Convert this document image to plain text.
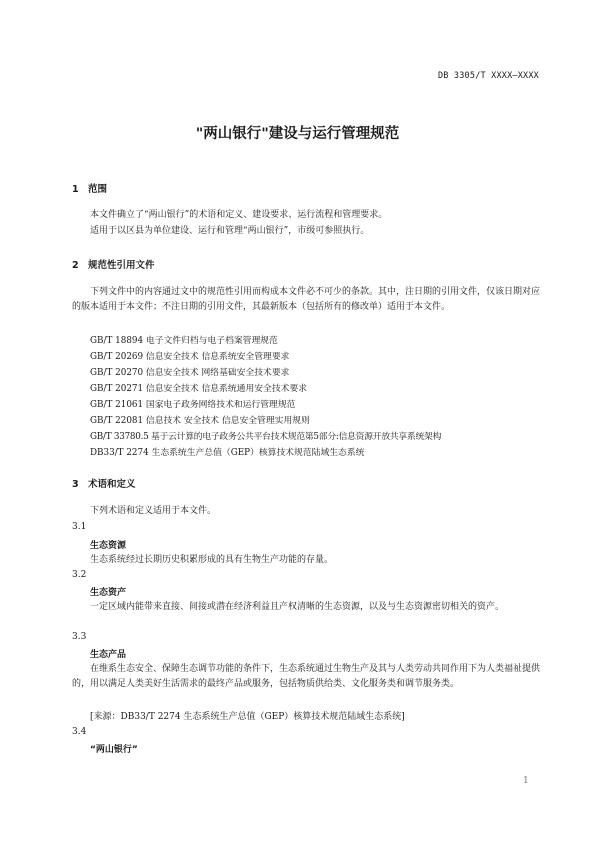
DB 3305/T XXXX—XXXX
"两山银行"建设与运行管理规范
1 范围
本文件确立了“两山银行”的术语和定义、建设要求、运行流程和管理要求。
适用于以区县为单位建设、运行和管理“两山银行”，市级可参照执行。
2 规范性引用文件
下列文件中的内容通过文中的规范性引用而构成本文件必不可少的条款。其中，注日期的引用文件，仅该日期对应的版本适用于本文件；不注日期的引用文件，其最新版本（包括所有的修改单）适用于本文件。
GB/T 18894 电子文件归档与电子档案管理规范
GB/T 20269 信息安全技术 信息系统安全管理要求
GB/T 20270 信息安全技术 网络基础安全技术要求
GB/T 20271 信息安全技术 信息系统通用安全技术要求
GB/T 21061 国家电子政务网络技术和运行管理规范
GB/T 22081 信息技术 安全技术 信息安全管理实用规则
GB/T 33780.5 基于云计算的电子政务公共平台技术规范第5部分:信息资源开放共享系统架构
DB33/T 2274 生态系统生产总值（GEP）核算技术规范陆域生态系统
3 术语和定义
下列术语和定义适用于本文件。
3.1
生态资源
生态系统经过长期历史积累形成的具有生物生产功能的存量。
3.2
生态资产
一定区域内能带来直接、间接或潜在经济利益且产权清晰的生态资源，以及与生态资源密切相关的资产。
3.3
生态产品
在维系生态安全、保障生态调节功能的条件下，生态系统通过生物生产及其与人类劳动共同作用下为人类福祉提供的，用以满足人类美好生活需求的最终产品或服务，包括物质供给类、文化服务类和调节服务类。
[来源：DB33/T 2274 生态系统生产总值（GEP）核算技术规范陆域生态系统]
3.4
“两山银行”
1
